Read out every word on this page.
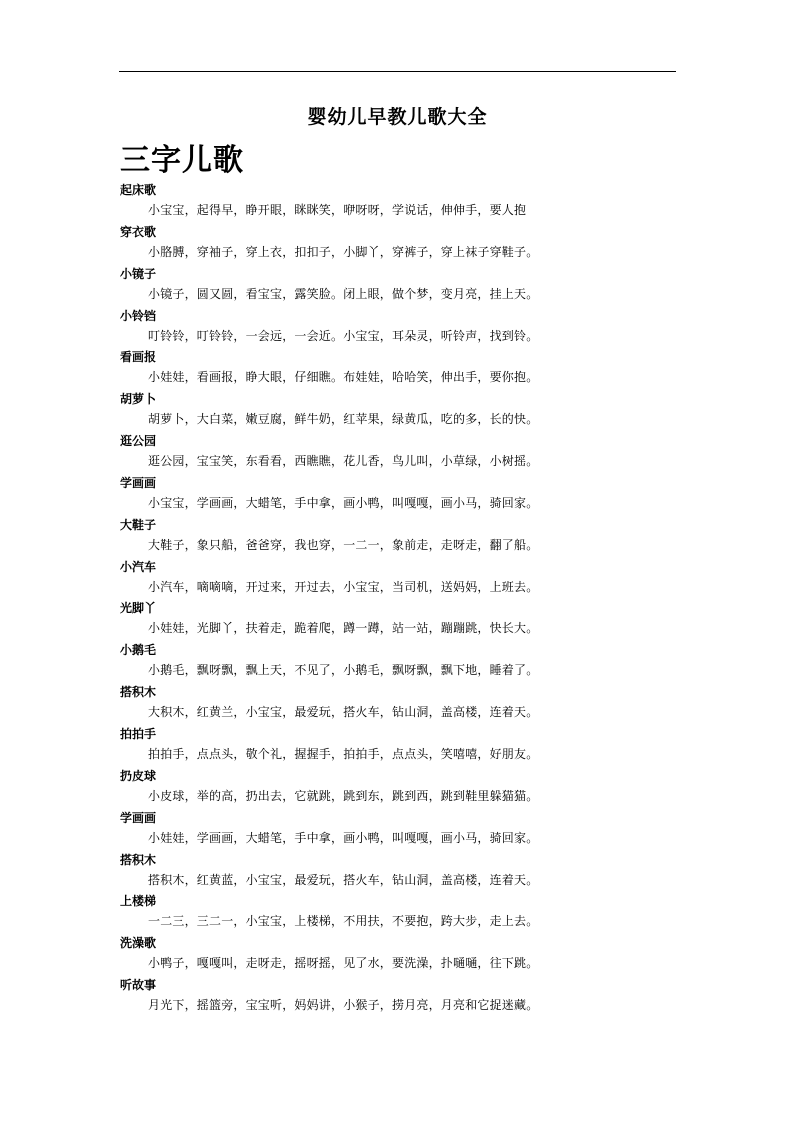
婴幼儿早教儿歌大全
三字儿歌
起床歌
小宝宝，起得早，睁开眼，眯眯笑，咿呀呀，学说话，伸伸手，要人抱
穿衣歌
小胳膊，穿袖子，穿上衣，扣扣子，小脚丫，穿裤子，穿上袜子穿鞋子。
小镜子
小镜子，圆又圆，看宝宝，露笑脸。闭上眼，做个梦，变月亮，挂上天。
小铃铛
叮铃铃，叮铃铃，一会远，一会近。小宝宝，耳朵灵，听铃声，找到铃。
看画报
小娃娃，看画报，睁大眼，仔细瞧。布娃娃，哈哈笑，伸出手，要你抱。
胡萝卜
胡萝卜，大白菜，嫩豆腐，鲜牛奶，红苹果，绿黄瓜，吃的多，长的快。
逛公园
逛公园，宝宝笑，东看看，西瞧瞧，花儿香，鸟儿叫，小草绿，小树摇。
学画画
小宝宝，学画画，大蜡笔，手中拿，画小鸭，叫嘎嘎，画小马，骑回家。
大鞋子
大鞋子，象只船，爸爸穿，我也穿，一二一，象前走，走呀走，翻了船。
小汽车
小汽车，嘀嘀嘀，开过来，开过去，小宝宝，当司机，送妈妈，上班去。
光脚丫
小娃娃，光脚丫，扶着走，跪着爬，蹲一蹲，站一站，蹦蹦跳，快长大。
小鹅毛
小鹅毛，飘呀飘，飘上天，不见了，小鹅毛，飘呀飘，飘下地，睡着了。
搭积木
大积木，红黄兰，小宝宝，最爱玩，搭火车，钻山洞，盖高楼，连着天。
拍拍手
拍拍手，点点头，敬个礼，握握手，拍拍手，点点头，笑嘻嘻，好朋友。
扔皮球
小皮球，举的高，扔出去，它就跳，跳到东，跳到西，跳到鞋里躲猫猫。
学画画
小娃娃，学画画，大蜡笔，手中拿，画小鸭，叫嘎嘎，画小马，骑回家。
搭积木
搭积木，红黄蓝，小宝宝，最爱玩，搭火车，钻山洞，盖高楼，连着天。
上楼梯
一二三，三二一，小宝宝，上楼梯，不用扶，不要抱，跨大步，走上去。
洗澡歌
小鸭子，嘎嘎叫，走呀走，摇呀摇，见了水，要洗澡，扑嗵嗵，往下跳。
听故事
月光下，摇篮旁，宝宝听，妈妈讲，小猴子，捞月亮，月亮和它捉迷藏。
